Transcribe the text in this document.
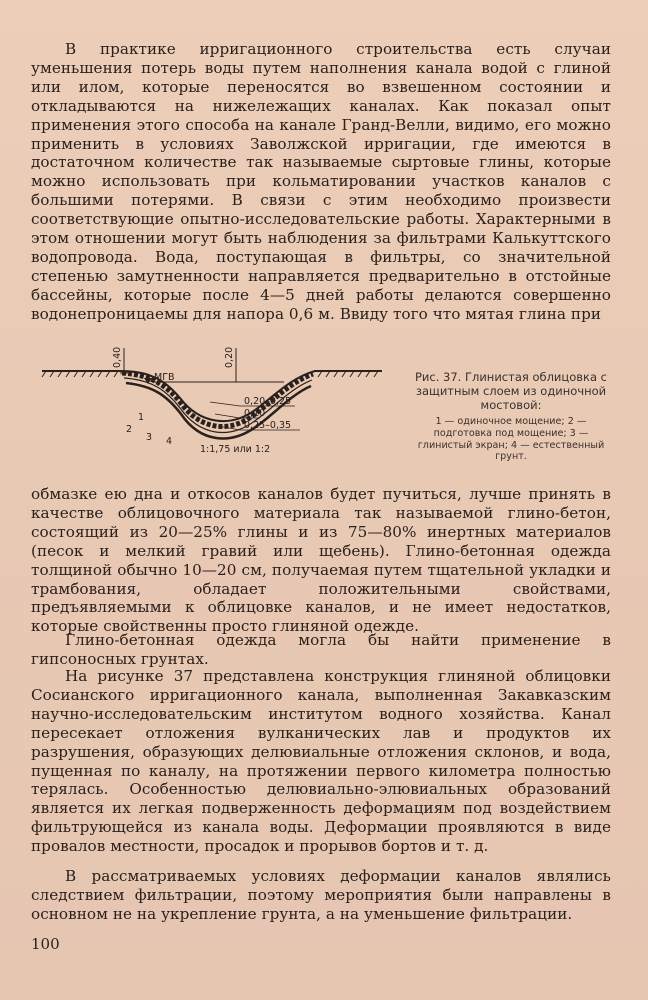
В практике ирригационного строительства есть случаи уменьшения потерь воды путем наполнения канала водой с глиной или илом, которые переносятся во взвешенном состоянии и откладываются на нижележащих каналах. Как показал опыт применения этого способа на канале Гранд-Велли, видимо, его можно применить в условиях Заволжской ирригации, где имеются в достаточном количестве так называемые сыртовые глины, которые можно использовать при кольматировании участков каналов с большими потерями. В связи с этим необходимо произвести соответствующие опытно-исследовательские работы. Характерными в этом отношении могут быть наблюдения за фильтрами Калькуттского водопровода. Вода, поступающая в фильтры, со значительной степенью замутненности направляется предварительно в отстойные бассейны, которые после 4—5 дней работы делаются совершенно водонепроницаемы для напора 0,6 м. Ввиду того что мятая глина при

0,40	0,20
МГВ
0,20–0,25
0,10
0,25–0,35
1:1,75 или 1:2
1
2
3 4

Рис. 37. Глинистая облицовка с защитным слоем из одиночной мостовой:

1 — одиночное мощение; 2 — подготовка под мощение; 3 — глинистый экран; 4 — естественный грунт.

обмазке ею дна и откосов каналов будет пучиться, лучше принять в качестве облицовочного материала так называемой глино-бетон, состоящий из 20—25% глины и из 75—80% инертных материалов (песок и мелкий гравий или щебень). Глино-бетонная одежда толщиной обычно 10—20 см, получаемая путем тщательной укладки и трамбования, обладает положительными свойствами, предъявляемыми к облицовке каналов, и не имеет недостатков, которые свойственны просто глиняной одежде.

Глино-бетонная одежда могла бы найти применение в гипсоносных грунтах.

На рисунке 37 представлена конструкция глиняной облицовки Сосианского ирригационного канала, выполненная Закавказским научно-исследовательским институтом водного хозяйства. Канал пересекает отложения вулканических лав и продуктов их разрушения, образующих делювиальные отложения склонов, и вода, пущенная по каналу, на протяжении первого километра полностью терялась. Особенностью делювиально-элювиальных образований является их легкая подверженность деформациям под воздействием фильтрующейся из канала воды. Деформации проявляются в виде провалов местности, просадок и прорывов бортов и т. д.

В рассматриваемых условиях деформации каналов являлись следствием фильтрации, поэтому мероприятия были направлены в основном не на укрепление грунта, а на уменьшение фильтрации.

100
